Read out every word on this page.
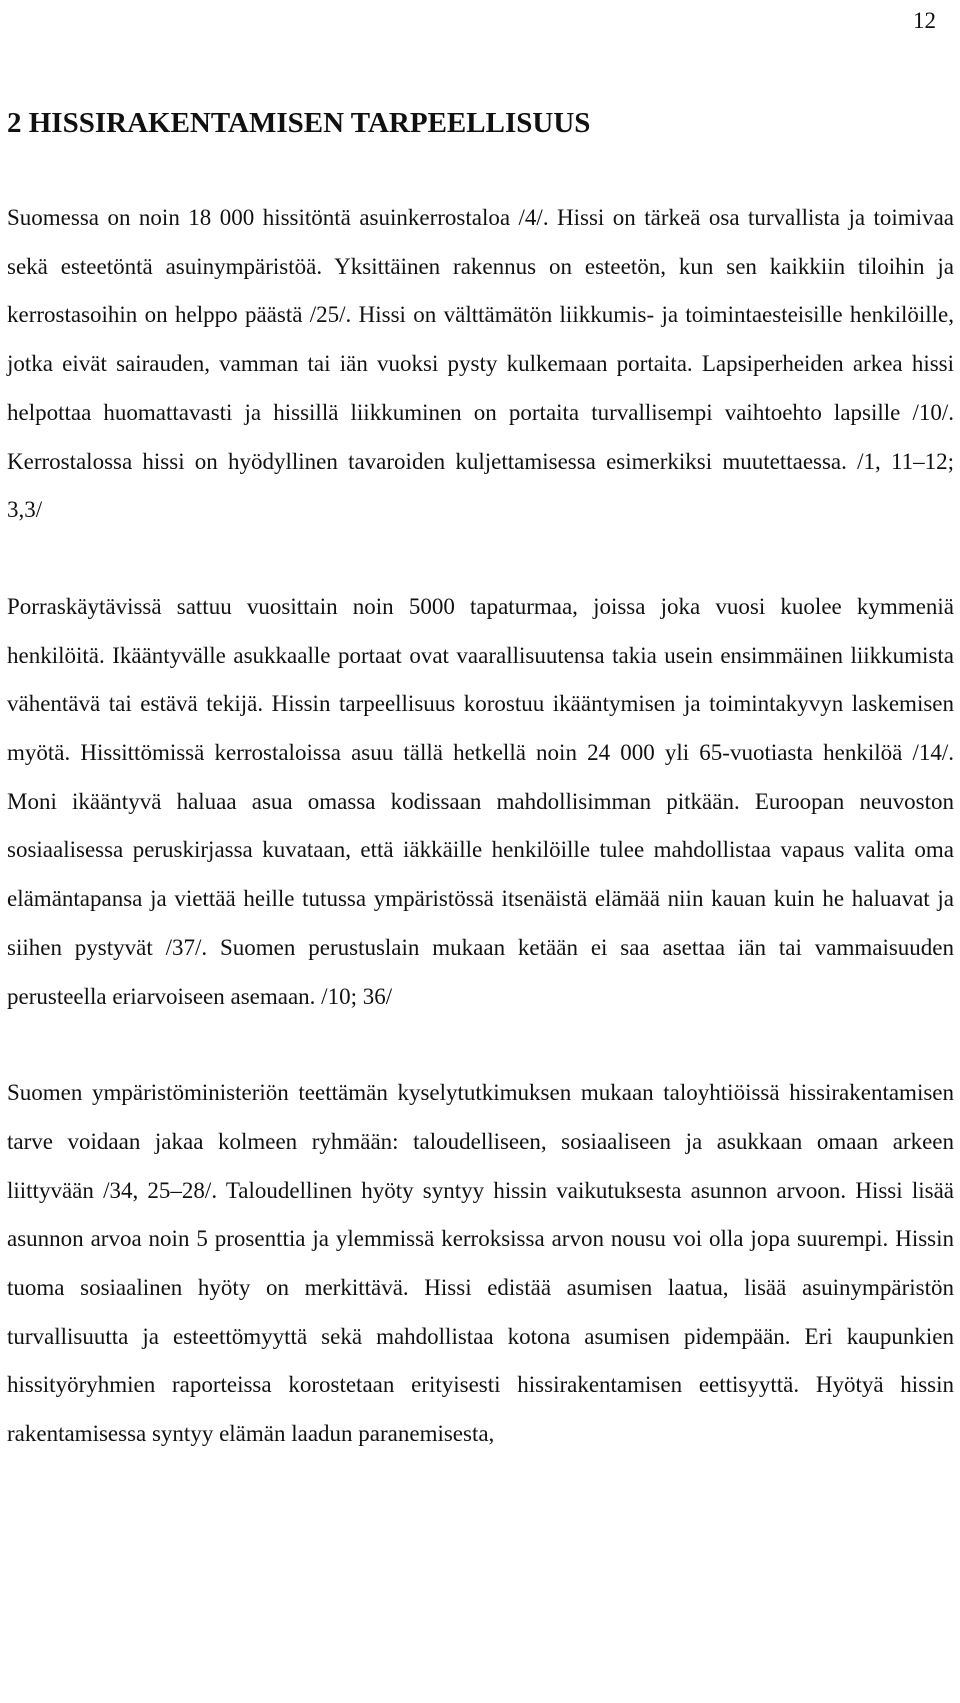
12
2 HISSIRAKENTAMISEN TARPEELLISUUS

Suomessa on noin 18 000 hissitöntä asuinkerrostaloa /4/. Hissi on tärkeä osa turvallista ja toimivaa sekä esteetöntä asuinympäristöä. Yksittäinen rakennus on esteetön, kun sen kaikkiin tiloihin ja kerrostasoihin on helppo päästä /25/. Hissi on välttämätön liikkumis- ja toimintaesteisille henkilöille, jotka eivät sairauden, vamman tai iän vuoksi pysty kulkemaan portaita. Lapsiperheiden arkea hissi helpottaa huomattavasti ja hissillä liikkuminen on portaita turvallisempi vaihtoehto lapsille /10/. Kerrostalossa hissi on hyödyllinen tavaroiden kuljettamisessa esimerkiksi muutettaessa. /1, 11–12; 3,3/

Porraskäytävissä sattuu vuosittain noin 5000 tapaturmaa, joissa joka vuosi kuolee kymmeniä henkilöitä. Ikääntyvälle asukkaalle portaat ovat vaarallisuutensa takia usein ensimmäinen liikkumista vähentävä tai estävä tekijä. Hissin tarpeellisuus korostuu ikääntymisen ja toimintakyvyn laskemisen myötä. Hissittömissä kerrostaloissa asuu tällä hetkellä noin 24 000 yli 65-vuotiasta henkilöä /14/. Moni ikääntyvä haluaa asua omassa kodissaan mahdollisimman pitkään. Euroopan neuvoston sosiaalisessa peruskirjassa kuvataan, että iäkkäille henkilöille tulee mahdollistaa vapaus valita oma elämäntapansa ja viettää heille tutussa ympäristössä itsenäistä elämää niin kauan kuin he haluavat ja siihen pystyvät /37/. Suomen perustuslain mukaan ketään ei saa asettaa iän tai vammaisuuden perusteella eriarvoiseen asemaan. /10; 36/

Suomen ympäristöministeriön teettämän kyselytutkimuksen mukaan taloyhtiöissä hissirakentamisen tarve voidaan jakaa kolmeen ryhmään: taloudelliseen, sosiaaliseen ja asukkaan omaan arkeen liittyvään /34, 25–28/. Taloudellinen hyöty syntyy hissin vaikutuksesta asunnon arvoon. Hissi lisää asunnon arvoa noin 5 prosenttia ja ylemmissä kerroksissa arvon nousu voi olla jopa suurempi. Hissin tuoma sosiaalinen hyöty on merkittävä. Hissi edistää asumisen laatua, lisää asuinympäristön turvallisuutta ja esteettömyyttä sekä mahdollistaa kotona asumisen pidempään. Eri kaupunkien hissityöryhmien raporteissa korostetaan erityisesti hissirakentamisen eettisyyttä. Hyötyä hissin rakentamisessa syntyy elämän laadun paranemisesta,
